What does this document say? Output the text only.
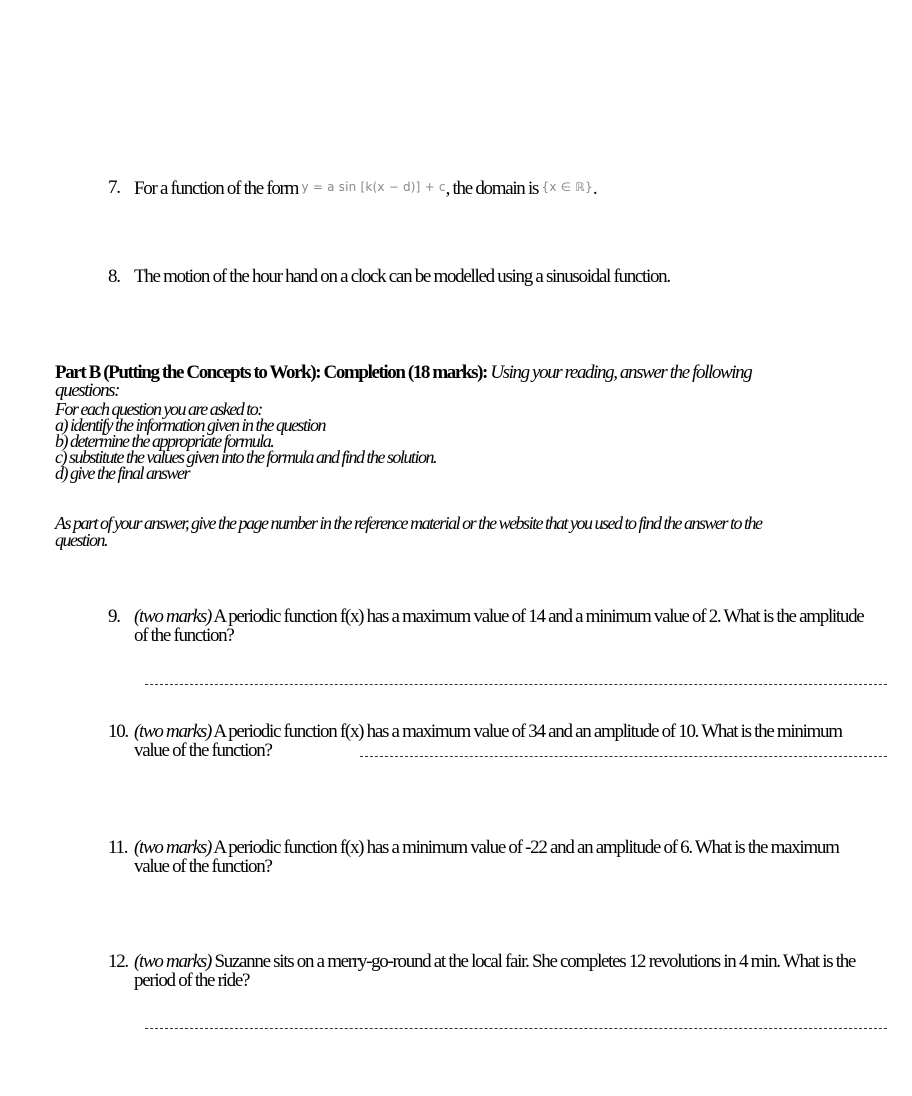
7. For a function of the form y = a sin [k(x − d)] + c, the domain is {x ∈ ℝ}.
8. The motion of the hour hand on a clock can be modelled using a sinusoidal function.
Part B (Putting the Concepts to Work): Completion (18 marks): Using your reading, answer the following questions:
For each question you are asked to:
a) identify the information given in the question
b) determine the appropriate formula.
c) substitute the values given into the formula and find the solution.
d) give the final answer
As part of your answer, give the page number in the reference material or the website that you used to find the answer to the question.
9. (two marks) A periodic function f(x) has a maximum value of 14 and a minimum value of 2. What is the amplitude of the function?
10. (two marks) A periodic function f(x) has a maximum value of 34 and an amplitude of 10. What is the minimum value of the function?
11. (two marks) A periodic function f(x) has a minimum value of -22 and an amplitude of 6. What is the maximum value of the function?
12. (two marks) Suzanne sits on a merry-go-round at the local fair. She completes 12 revolutions in 4 min. What is the period of the ride?
